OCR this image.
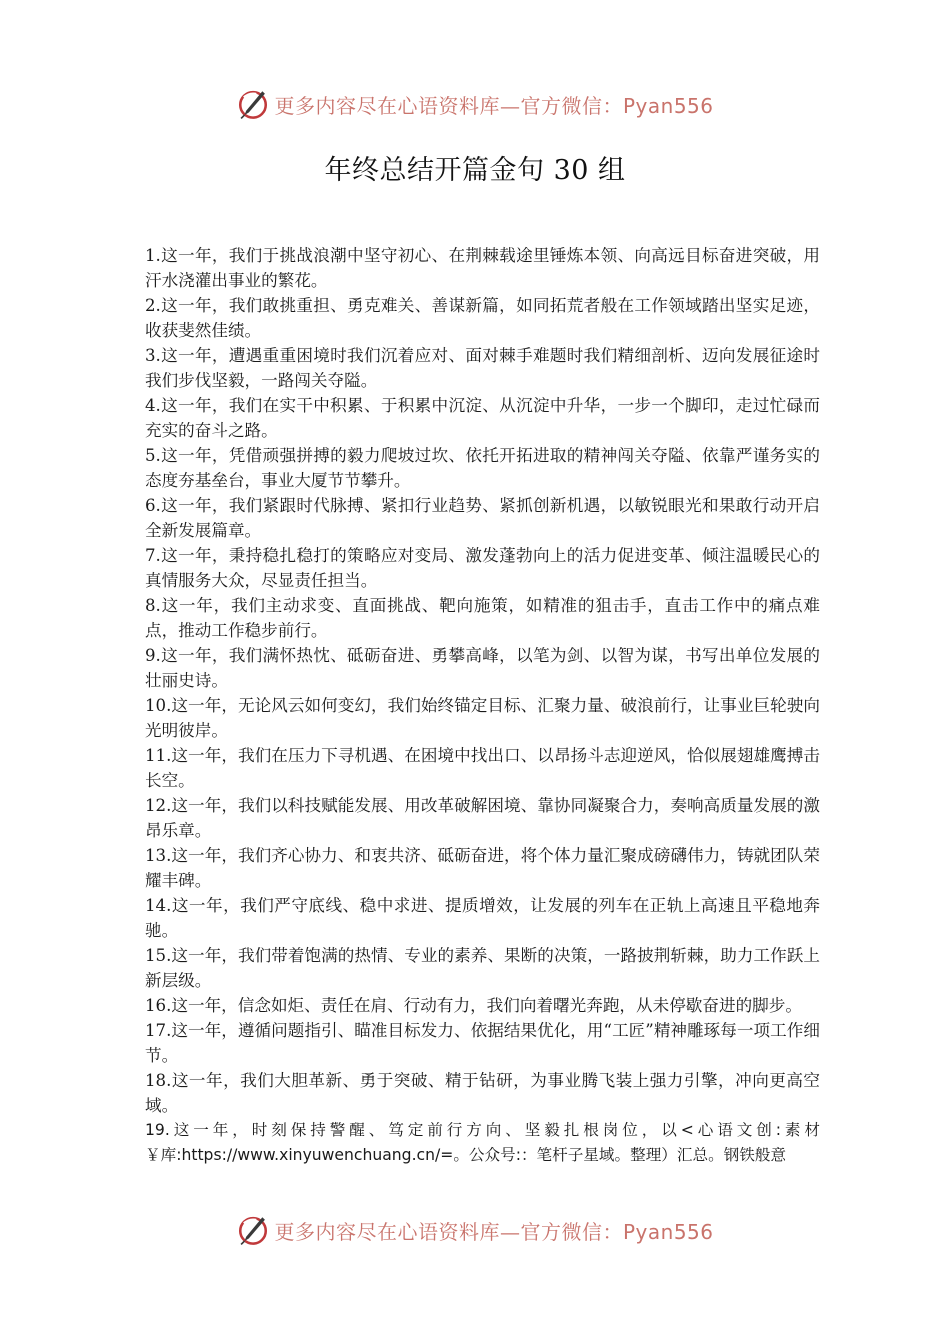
更多内容尽在心语资料库—官方微信：Pyan556
年终总结开篇金句 30 组

1.这一年，我们于挑战浪潮中坚守初心、在荆棘载途里锤炼本领、向高远目标奋进突破，用汗水浇灌出事业的繁花。

2.这一年，我们敢挑重担、勇克难关、善谋新篇，如同拓荒者般在工作领域踏出坚实足迹，收获斐然佳绩。

3.这一年，遭遇重重困境时我们沉着应对、面对棘手难题时我们精细剖析、迈向发展征途时我们步伐坚毅，一路闯关夺隘。

4.这一年，我们在实干中积累、于积累中沉淀、从沉淀中升华，一步一个脚印，走过忙碌而充实的奋斗之路。

5.这一年，凭借顽强拼搏的毅力爬坡过坎、依托开拓进取的精神闯关夺隘、依靠严谨务实的态度夯基垒台，事业大厦节节攀升。

6.这一年，我们紧跟时代脉搏、紧扣行业趋势、紧抓创新机遇，以敏锐眼光和果敢行动开启全新发展篇章。

7.这一年，秉持稳扎稳打的策略应对变局、激发蓬勃向上的活力促进变革、倾注温暖民心的真情服务大众，尽显责任担当。

8.这一年，我们主动求变、直面挑战、靶向施策，如精准的狙击手，直击工作中的痛点难点，推动工作稳步前行。

9.这一年，我们满怀热忱、砥砺奋进、勇攀高峰，以笔为剑、以智为谋，书写出单位发展的壮丽史诗。

10.这一年，无论风云如何变幻，我们始终锚定目标、汇聚力量、破浪前行，让事业巨轮驶向光明彼岸。

11.这一年，我们在压力下寻机遇、在困境中找出口、以昂扬斗志迎逆风，恰似展翅雄鹰搏击长空。

12.这一年，我们以科技赋能发展、用改革破解困境、靠协同凝聚合力，奏响高质量发展的激昂乐章。

13.这一年，我们齐心协力、和衷共济、砥砺奋进，将个体力量汇聚成磅礴伟力，铸就团队荣耀丰碑。

14.这一年，我们严守底线、稳中求进、提质增效，让发展的列车在正轨上高速且平稳地奔驰。

15.这一年，我们带着饱满的热情、专业的素养、果断的决策，一路披荆斩棘，助力工作跃上新层级。

16.这一年，信念如炬、责任在肩、行动有力，我们向着曙光奔跑，从未停歇奋进的脚步。

17.这一年，遵循问题指引、瞄准目标发力、依据结果优化，用“工匠”精神雕琢每一项工作细节。

18.这一年，我们大胆革新、勇于突破、精于钻研，为事业腾飞装上强力引擎，冲向更高空域。

19.这一年，时刻保持警醒、笃定前行方向、坚毅扎根岗位，以<心语文创:素材￥库:https://www.xinyuwenchuang.cn/=。公众号:：笔杆子星域。整理）汇总。钢铁般意

更多内容尽在心语资料库—官方微信：Pyan556
